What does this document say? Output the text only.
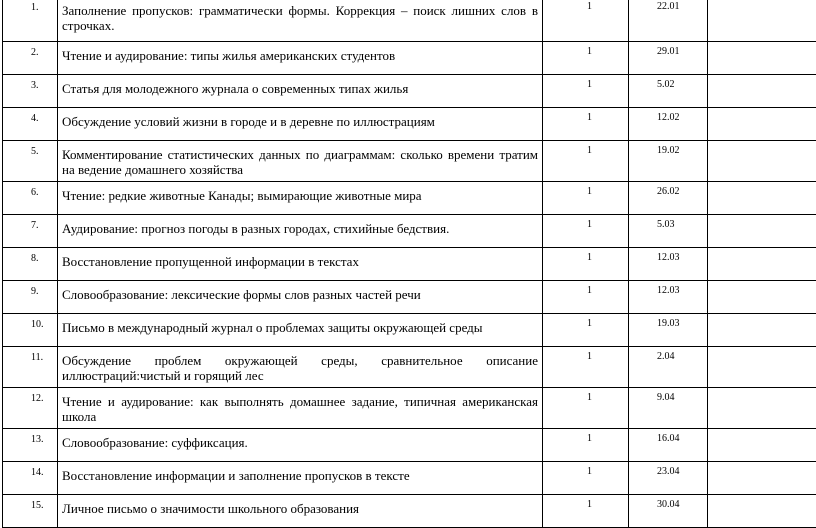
1.	Заполнение пропусков: грамматически формы. Коррекция – поиск лишних слов в строчках.	1	22.01	

2.	Чтение и аудирование: типы жилья американских студентов	1	29.01	

3.	Статья для молодежного журнала о современных типах жилья	1	5.02	

4.	Обсуждение условий жизни в городе и в деревне по иллюстрациям	1	12.02	

5.	Комментирование статистических данных по диаграммам: сколько времени тратим на ведение домашнего хозяйства	1	19.02	

6.	Чтение: редкие животные Канады; вымирающие животные мира	1	26.02	

7.	Аудирование: прогноз погоды в разных городах, стихийные бедствия.	1	5.03	

8.	Восстановление пропущенной информации в текстах	1	12.03	

9.	Словообразование: лексические формы слов разных частей речи	1	12.03	

10.	Письмо в международный журнал о проблемах защиты окружающей среды	1	19.03	

11.	Обсуждение проблем окружающей среды, сравнительное описание иллюстраций:чистый и горящий лес	1	2.04	

12.	Чтение и аудирование: как выполнять домашнее задание, типичная американская школа	1	9.04	

13.	Словообразование: суффиксация.	1	16.04	

14.	Восстановление информации и заполнение пропусков в тексте	1	23.04	

15.	Личное письмо о значимости школьного образования	1	30.04	
